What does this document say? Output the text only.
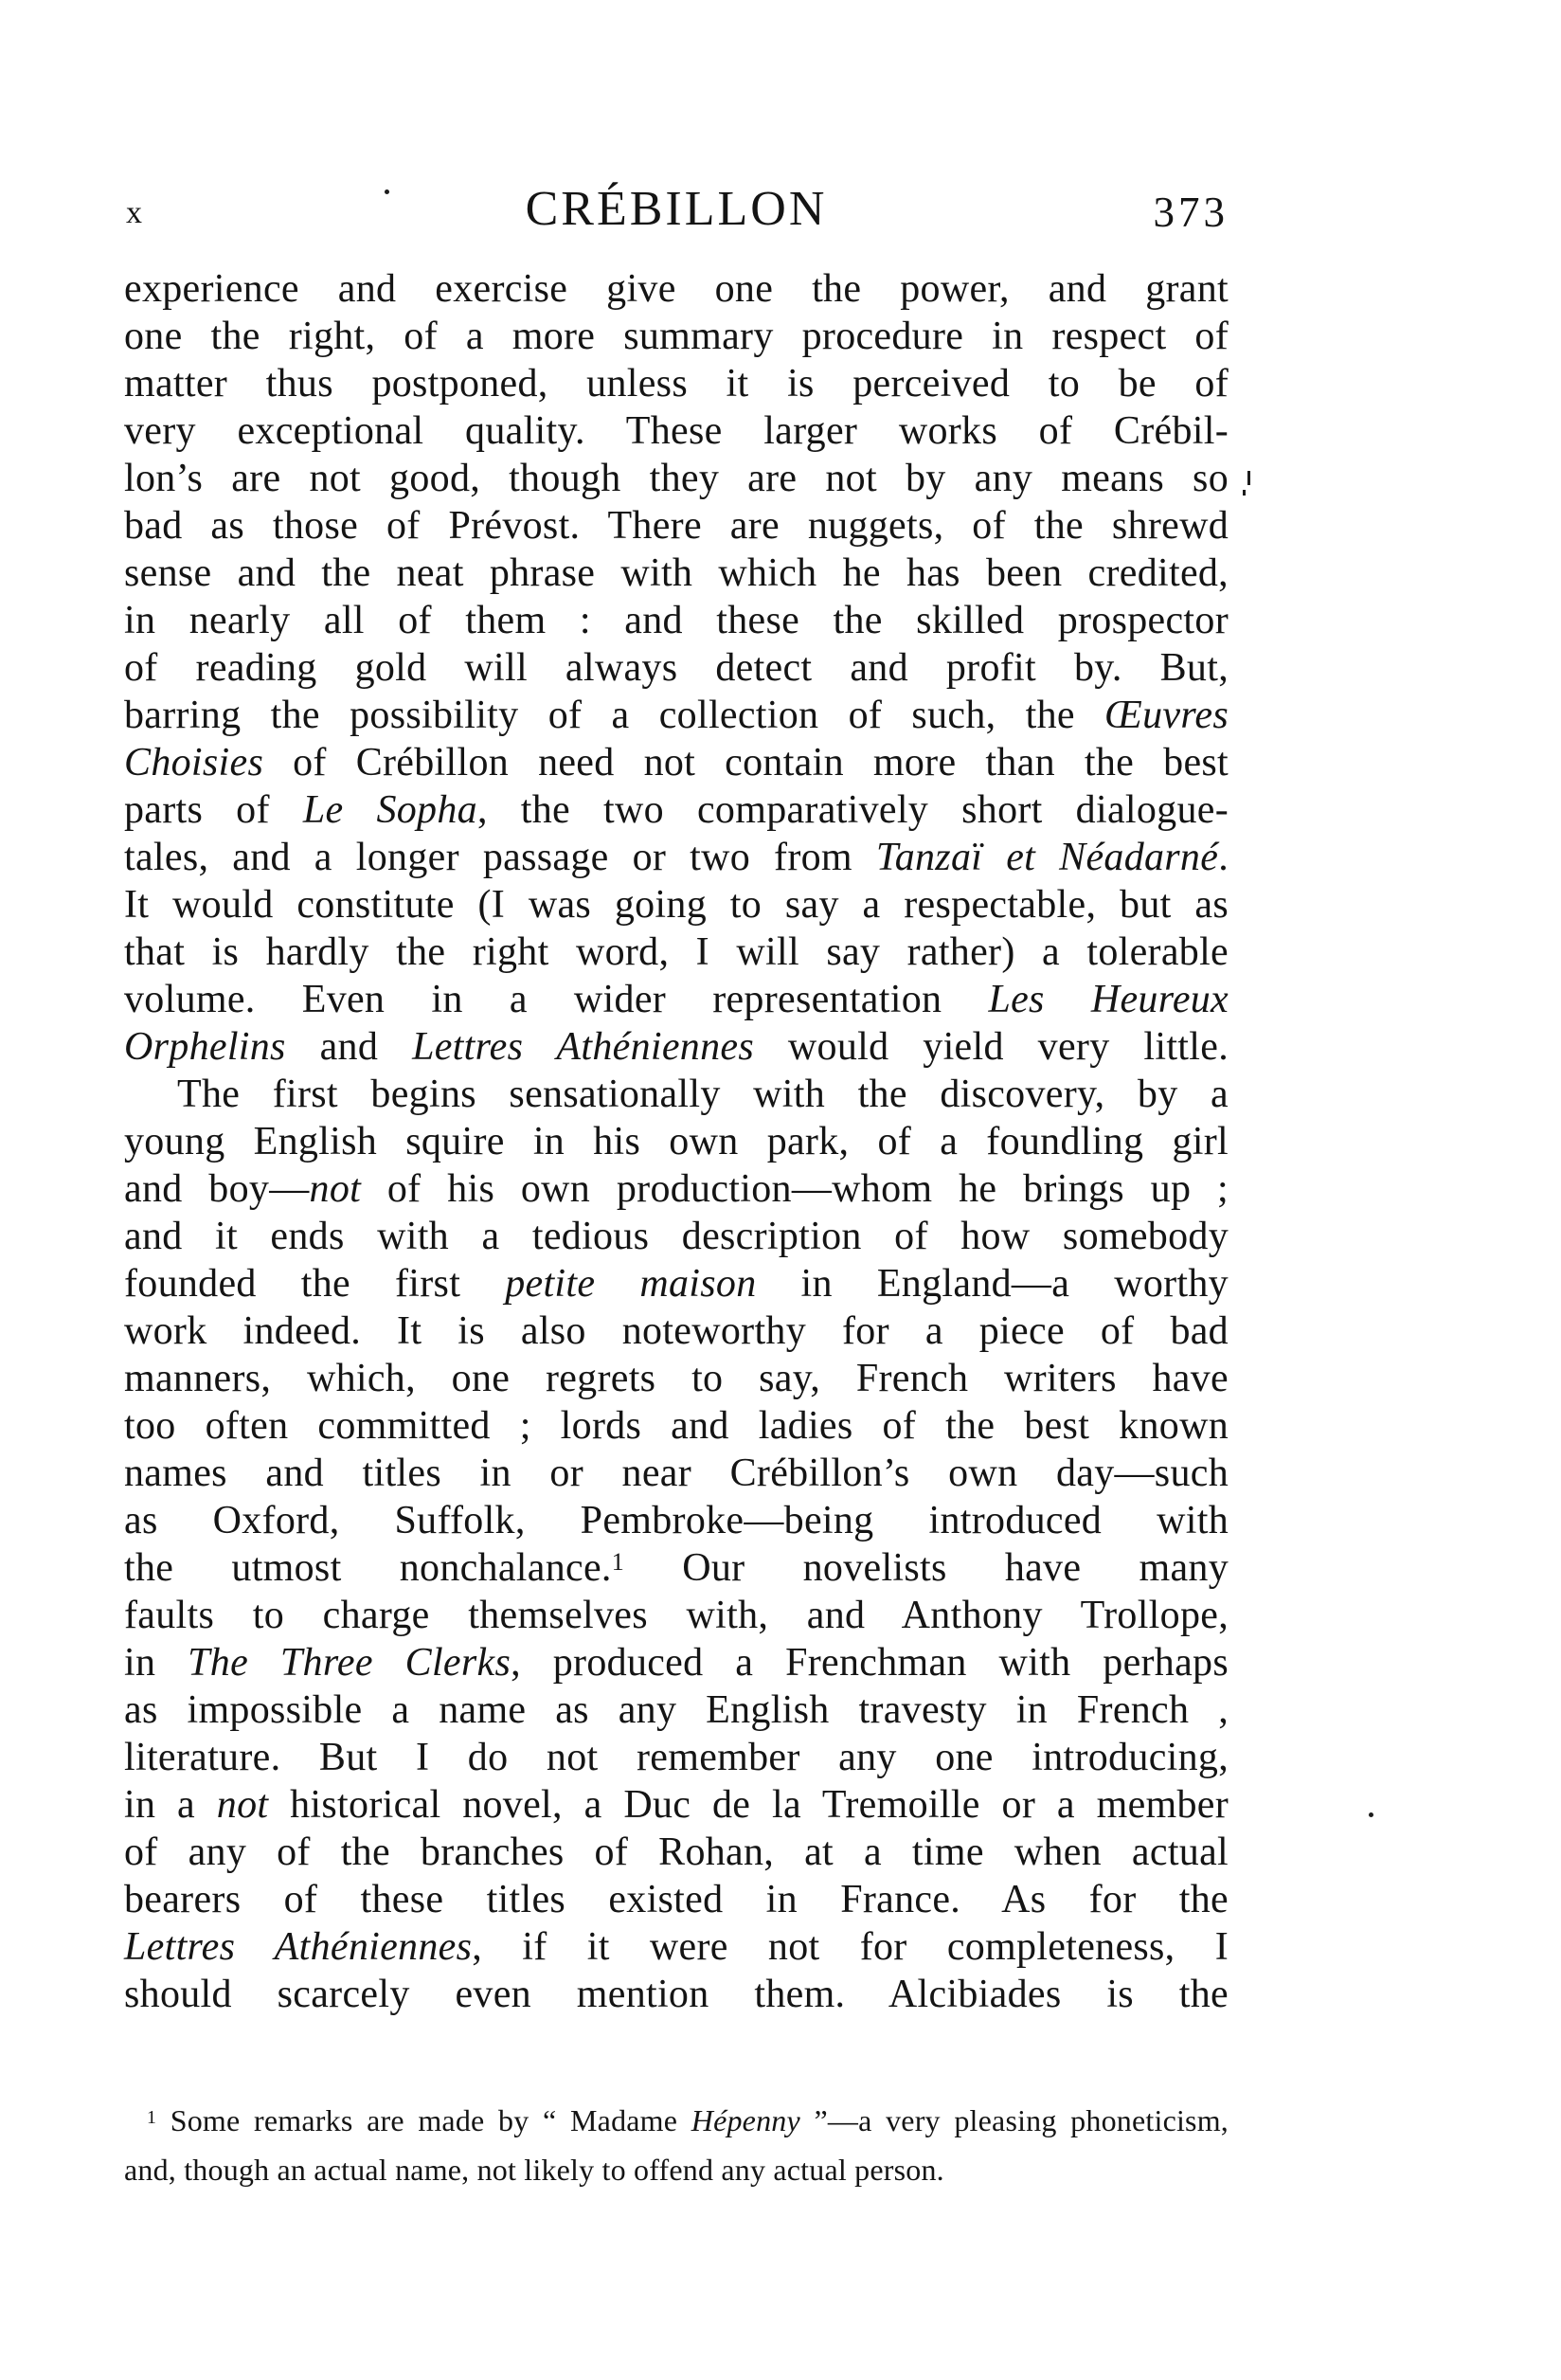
x	CRÉBILLON	373
experience and exercise give one the power, and grant
one the right, of a more summary procedure in respect of
matter thus postponed, unless it is perceived to be of
very exceptional quality. These larger works of Crébil-
lon’s are not good, though they are not by any means so
bad as those of Prévost. There are nuggets, of the shrewd
sense and the neat phrase with which he has been credited,
in nearly all of them : and these the skilled prospector
of reading gold will always detect and profit by. But,
barring the possibility of a collection of such, the Œuvres
Choisies of Crébillon need not contain more than the best
parts of Le Sopha, the two comparatively short dialogue-
tales, and a longer passage or two from Tanzaï et Néadarné.
It would constitute (I was going to say a respectable, but as
that is hardly the right word, I will say rather) a tolerable
volume. Even in a wider representation Les Heureux
Orphelins and Lettres Athéniennes would yield very little.
The first begins sensationally with the discovery, by a
young English squire in his own park, of a foundling girl
and boy—not of his own production—whom he brings up ;
and it ends with a tedious description of how somebody
founded the first petite maison in England—a worthy
work indeed. It is also noteworthy for a piece of bad
manners, which, one regrets to say, French writers have
too often committed ; lords and ladies of the best known
names and titles in or near Crébillon’s own day—such
as Oxford, Suffolk, Pembroke—being introduced with
the utmost nonchalance.$^1$ Our novelists have many
faults to charge themselves with, and Anthony Trollope,
in The Three Clerks, produced a Frenchman with perhaps
as impossible a name as any English travesty in French ,
literature. But I do not remember any one introducing,
in a not historical novel, a Duc de la Tremoille or a member
of any of the branches of Rohan, at a time when actual
bearers of these titles existed in France. As for the
Lettres Athéniennes, if it were not for completeness, I
should scarcely even mention them. Alcibiades is the
$^1$ Some remarks are made by “ Madame Hépenny ”—a very pleasing phoneticism,
and, though an actual name, not likely to offend any actual person.
